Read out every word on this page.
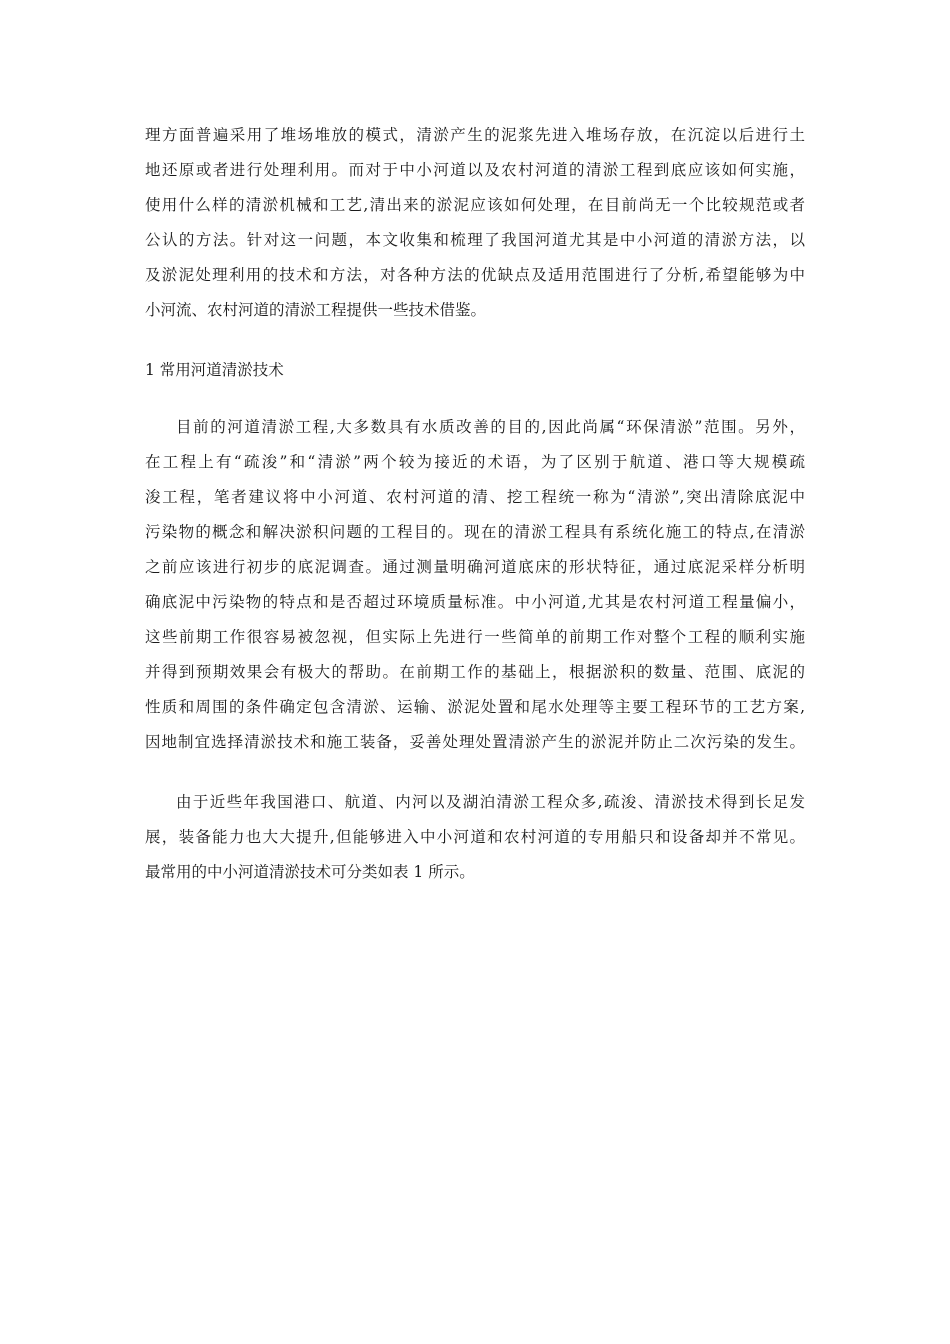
理方面普遍采用了堆场堆放的模式，清淤产生的泥浆先进入堆场存放，在沉淀以后进行土
地还原或者进行处理利用。而对于中小河道以及农村河道的清淤工程到底应该如何实施，
使用什么样的清淤机械和工艺,清出来的淤泥应该如何处理，在目前尚无一个比较规范或者
公认的方法。针对这一问题，本文收集和梳理了我国河道尤其是中小河道的清淤方法，以
及淤泥处理利用的技术和方法，对各种方法的优缺点及适用范围进行了分析,希望能够为中
小河流、农村河道的清淤工程提供一些技术借鉴。
1 常用河道清淤技术
目前的河道清淤工程,大多数具有水质改善的目的,因此尚属“环保清淤”范围。另外，
在工程上有“疏浚”和“清淤”两个较为接近的术语，为了区别于航道、港口等大规模疏
浚工程，笔者建议将中小河道、农村河道的清、挖工程统一称为“清淤”,突出清除底泥中
污染物的概念和解决淤积问题的工程目的。现在的清淤工程具有系统化施工的特点,在清淤
之前应该进行初步的底泥调查。通过测量明确河道底床的形状特征，通过底泥采样分析明
确底泥中污染物的特点和是否超过环境质量标准。中小河道,尤其是农村河道工程量偏小，
这些前期工作很容易被忽视，但实际上先进行一些简单的前期工作对整个工程的顺利实施
并得到预期效果会有极大的帮助。在前期工作的基础上，根据淤积的数量、范围、底泥的
性质和周围的条件确定包含清淤、运输、淤泥处置和尾水处理等主要工程环节的工艺方案,
因地制宜选择清淤技术和施工装备，妥善处理处置清淤产生的淤泥并防止二次污染的发生。
由于近些年我国港口、航道、内河以及湖泊清淤工程众多,疏浚、清淤技术得到长足发
展，装备能力也大大提升,但能够进入中小河道和农村河道的专用船只和设备却并不常见。
最常用的中小河道清淤技术可分类如表 1 所示。
